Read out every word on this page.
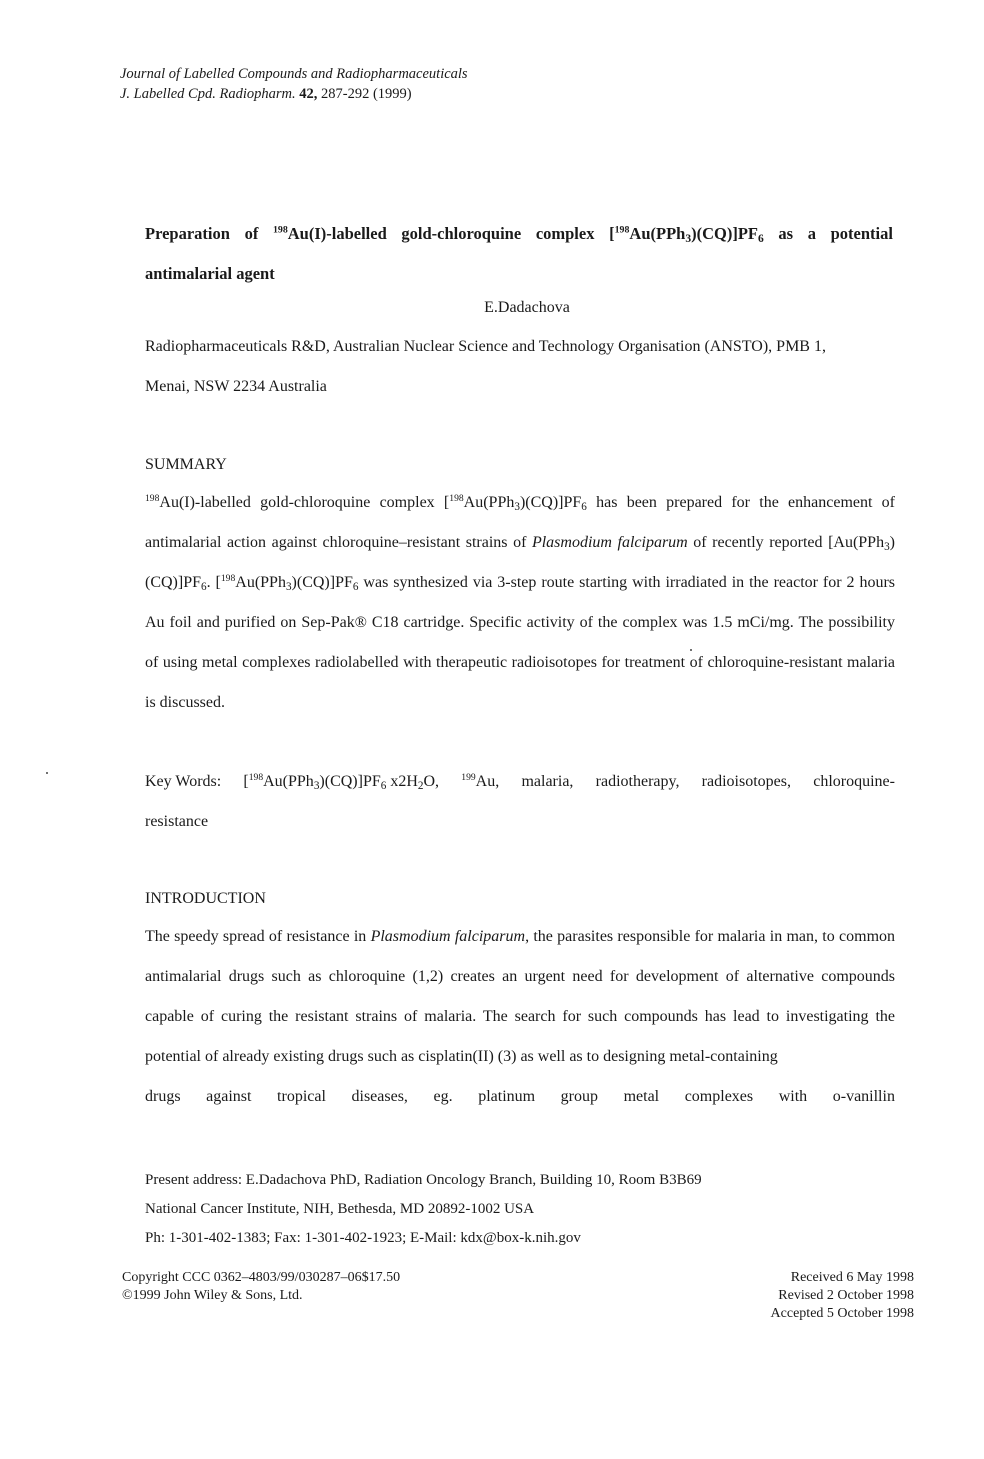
Journal of Labelled Compounds and Radiopharmaceuticals
J. Labelled Cpd. Radiopharm. 42, 287-292 (1999)
Preparation of $^{198}$Au(I)-labelled gold-chloroquine complex $[^{198}Au(PPh_3)(CQ)]PF_6$ as a potential
antimalarial agent
E.Dadachova
Radiopharmaceuticals R&D, Australian Nuclear Science and Technology Organisation (ANSTO), PMB 1,
Menai, NSW 2234 Australia
SUMMARY
$^{198}$Au(I)-labelled gold-chloroquine complex $[^{198}Au(PPh_3)(CQ)]PF_6$ has been prepared for the enhancement of antimalarial action against chloroquine–resistant strains of Plasmodium falciparum of recently reported $[Au(PPh_3)(CQ)]PF_6$. $[^{198}Au(PPh_3)(CQ)]PF_6$ was synthesized via 3-step route starting with irradiated in the reactor for 2 hours Au foil and purified on Sep-Pak® C18 cartridge. Specific activity of the complex was 1.5 mCi/mg. The possibility of using metal complexes radiolabelled with therapeutic radioisotopes for treatment of chloroquine-resistant malaria is discussed.
Key Words: $[^{198}Au(PPh_3)(CQ)]PF_6$ $x2H_2O$, $^{199}$Au, malaria, radiotherapy, radioisotopes, chloroquine-
resistance
INTRODUCTION
The speedy spread of resistance in Plasmodium falciparum, the parasites responsible for malaria in man, to common antimalarial drugs such as chloroquine (1,2) creates an urgent need for development of alternative compounds capable of curing the resistant strains of malaria. The search for such compounds has lead to investigating the potential of already existing drugs such as cisplatin(II) (3) as well as to designing metal-containing
drugs against tropical diseases, eg. platinum group metal complexes with o-vanillin
Present address: E.Dadachova PhD, Radiation Oncology Branch, Building 10, Room B3B69
National Cancer Institute, NIH, Bethesda, MD 20892-1002 USA
Ph: 1-301-402-1383; Fax: 1-301-402-1923; E-Mail: kdx@box-k.nih.gov
Copyright CCC 0362–4803/99/030287–06$17.50
©1999 John Wiley & Sons, Ltd.
Received 6 May 1998
Revised 2 October 1998
Accepted 5 October 1998
